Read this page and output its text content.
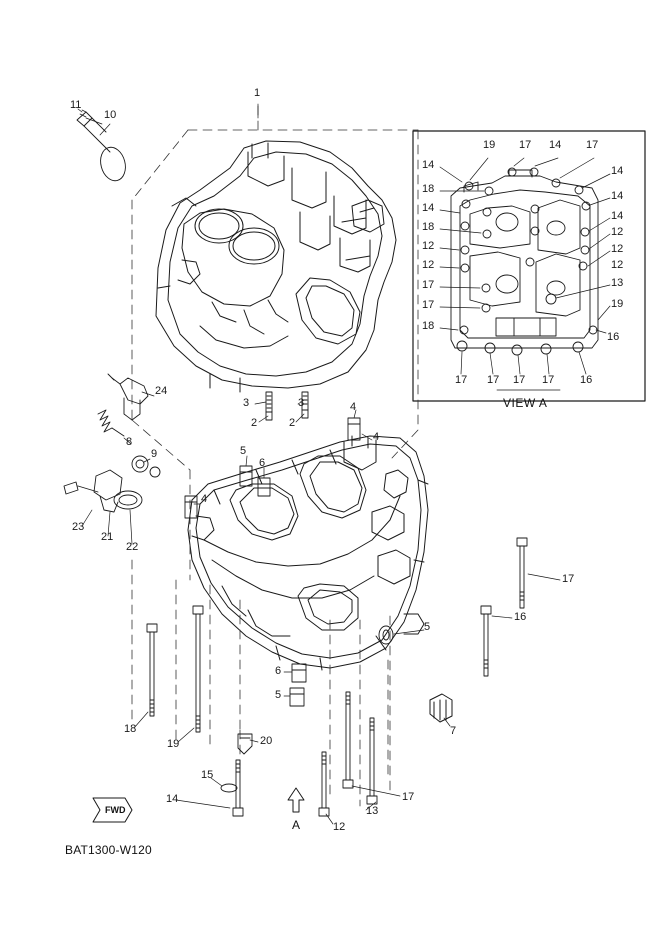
11
10
1
19 17 14 17
14	14
18
14
14
14
18	12
12	12
12	12
13
17
19
17
18
16
17 17 17 17 16
VIEW A
3
2
3
2
4
4
24
8
9	5
6
4
23
21
22
17
16
5
6
5
7
18
19	20
15
14	17
13
12
FWD
A
BAT1300-W120
